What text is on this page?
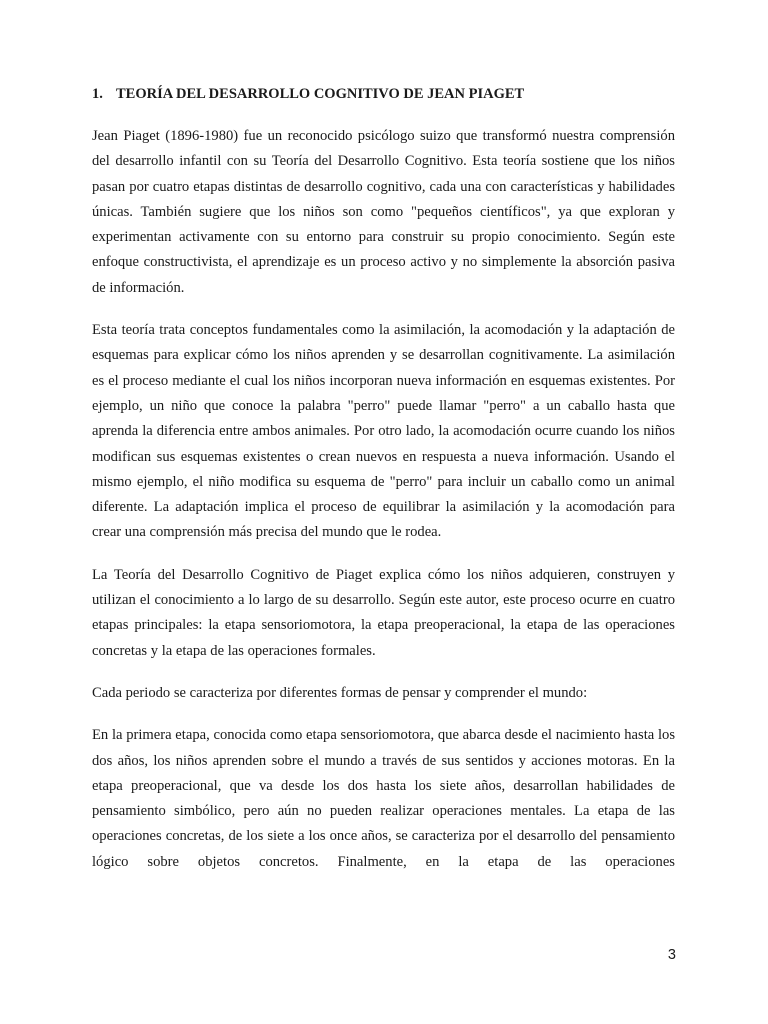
1. TEORÍA DEL DESARROLLO COGNITIVO DE JEAN PIAGET

Jean Piaget (1896-1980) fue un reconocido psicólogo suizo que transformó nuestra comprensión del desarrollo infantil con su Teoría del Desarrollo Cognitivo. Esta teoría sostiene que los niños pasan por cuatro etapas distintas de desarrollo cognitivo, cada una con características y habilidades únicas. También sugiere que los niños son como "pequeños científicos", ya que exploran y experimentan activamente con su entorno para construir su propio conocimiento. Según este enfoque constructivista, el aprendizaje es un proceso activo y no simplemente la absorción pasiva de información.

Esta teoría trata conceptos fundamentales como la asimilación, la acomodación y la adaptación de esquemas para explicar cómo los niños aprenden y se desarrollan cognitivamente. La asimilación es el proceso mediante el cual los niños incorporan nueva información en esquemas existentes. Por ejemplo, un niño que conoce la palabra "perro" puede llamar "perro" a un caballo hasta que aprenda la diferencia entre ambos animales. Por otro lado, la acomodación ocurre cuando los niños modifican sus esquemas existentes o crean nuevos en respuesta a nueva información. Usando el mismo ejemplo, el niño modifica su esquema de "perro" para incluir un caballo como un animal diferente. La adaptación implica el proceso de equilibrar la asimilación y la acomodación para crear una comprensión más precisa del mundo que le rodea.

La Teoría del Desarrollo Cognitivo de Piaget explica cómo los niños adquieren, construyen y utilizan el conocimiento a lo largo de su desarrollo. Según este autor, este proceso ocurre en cuatro etapas principales: la etapa sensoriomotora, la etapa preoperacional, la etapa de las operaciones concretas y la etapa de las operaciones formales.

Cada periodo se caracteriza por diferentes formas de pensar y comprender el mundo:

En la primera etapa, conocida como etapa sensoriomotora, que abarca desde el nacimiento hasta los dos años, los niños aprenden sobre el mundo a través de sus sentidos y acciones motoras. En la etapa preoperacional, que va desde los dos hasta los siete años, desarrollan habilidades de pensamiento simbólico, pero aún no pueden realizar operaciones mentales. La etapa de las operaciones concretas, de los siete a los once años, se caracteriza por el desarrollo del pensamiento lógico sobre objetos concretos. Finalmente, en la etapa de las operaciones

3
